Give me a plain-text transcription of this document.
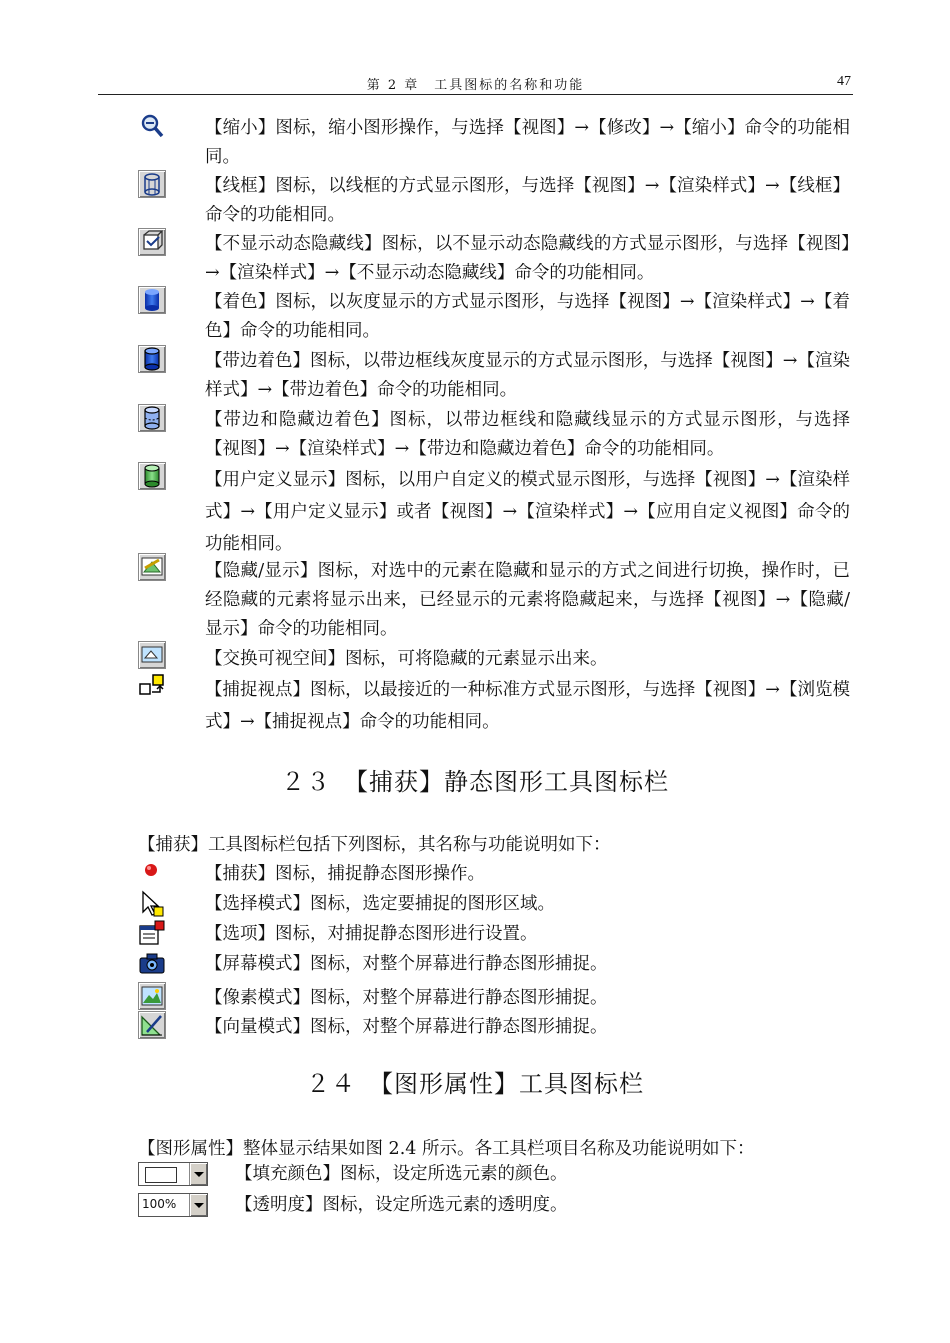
第 2 章　工具图标的名称和功能	47
【缩小】图标，缩小图形操作，与选择【视图】→【修改】→【缩小】命令的功能相同。
【线框】图标，以线框的方式显示图形，与选择【视图】→【渲染样式】→【线框】命令的功能相同。
【不显示动态隐藏线】图标，以不显示动态隐藏线的方式显示图形，与选择【视图】→【渲染样式】→【不显示动态隐藏线】命令的功能相同。
【着色】图标，以灰度显示的方式显示图形，与选择【视图】→【渲染样式】→【着色】命令的功能相同。
【带边着色】图标，以带边框线灰度显示的方式显示图形，与选择【视图】→【渲染样式】→【带边着色】命令的功能相同。
【带边和隐藏边着色】图标，以带边框线和隐藏线显示的方式显示图形，与选择【视图】→【渲染样式】→【带边和隐藏边着色】命令的功能相同。
【用户定义显示】图标，以用户自定义的模式显示图形，与选择【视图】→【渲染样式】→【用户定义显示】或者【视图】→【渲染样式】→【应用自定义视图】命令的功能相同。
【隐藏/显示】图标，对选中的元素在隐藏和显示的方式之间进行切换，操作时，已经隐藏的元素将显示出来，已经显示的元素将隐藏起来，与选择【视图】→【隐藏/显示】命令的功能相同。
【交换可视空间】图标，可将隐藏的元素显示出来。
【捕捉视点】图标，以最接近的一种标准方式显示图形，与选择【视图】→【浏览模式】→【捕捉视点】命令的功能相同。
２３　【捕获】静态图形工具图标栏
【捕获】工具图标栏包括下列图标，其名称与功能说明如下：
【捕获】图标，捕捉静态图形操作。
【选择模式】图标，选定要捕捉的图形区域。
【选项】图标，对捕捉静态图形进行设置。
【屏幕模式】图标，对整个屏幕进行静态图形捕捉。
【像素模式】图标，对整个屏幕进行静态图形捕捉。
【向量模式】图标，对整个屏幕进行静态图形捕捉。
２４　【图形属性】工具图标栏
【图形属性】整体显示结果如图 2.4 所示。各工具栏项目名称及功能说明如下：
【填充颜色】图标，设定所选元素的颜色。
100%	【透明度】图标，设定所选元素的透明度。
